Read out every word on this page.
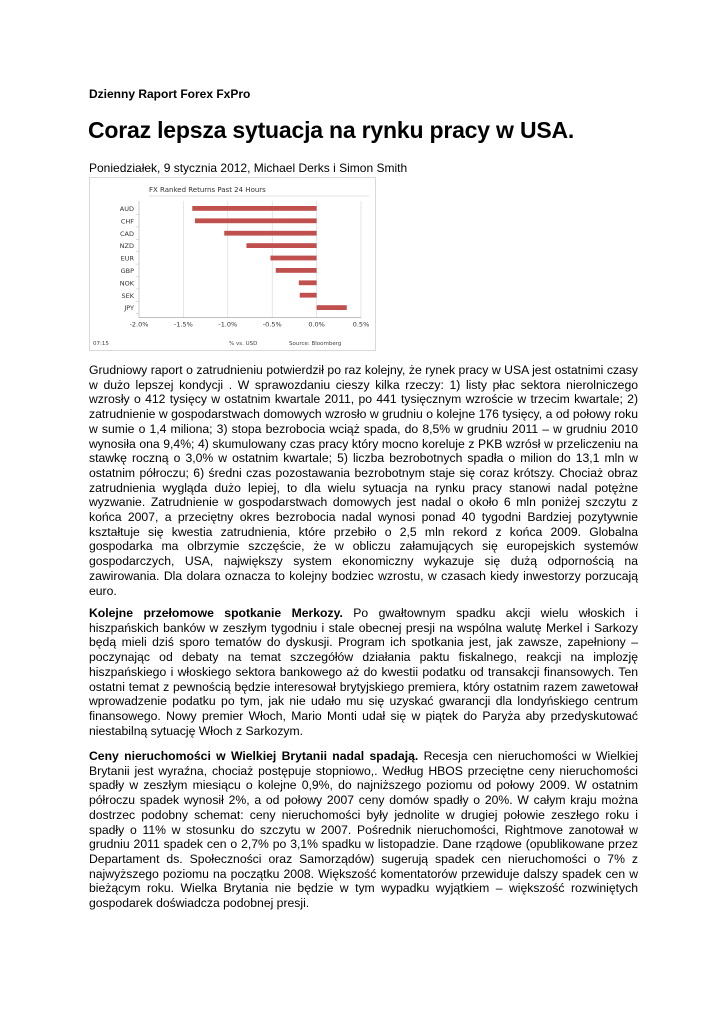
Dzienny Raport Forex FxPro
Coraz lepsza sytuacja na rynku pracy w USA.
Poniedziałek, 9 stycznia 2012, Michael Derks i Simon Smith
FX Ranked Returns Past 24 Hours
AUD
CHF
CAD
NZD
EUR
GBP
NOK
SEK
JPY
-2.0%	-1.5%	-1.0%	-0.5%	0.0%	0.5%
07:15	% vs. USD	Source: Bloomberg
Grudniowy raport o zatrudnieniu potwierdził po raz kolejny, że rynek pracy w USA jest ostatnimi czasy w dużo lepszej kondycji . W sprawozdaniu cieszy kilka rzeczy: 1) listy płac sektora nierolniczego wzrosły o 412 tysięcy w ostatnim kwartale 2011, po 441 tysięcznym wzroście w trzecim kwartale; 2) zatrudnienie w gospodarstwach domowych wzrosło w grudniu o kolejne 176 tysięcy, a od połowy roku w sumie o 1,4 miliona; 3) stopa bezrobocia wciąż spada, do 8,5% w grudniu 2011 – w grudniu 2010 wynosiła ona 9,4%; 4) skumulowany czas pracy który mocno koreluje z PKB wzrósł w przeliczeniu na stawkę roczną o 3,0% w ostatnim kwartale; 5) liczba bezrobotnych spadła o milion do 13,1 mln w ostatnim półroczu; 6) średni czas pozostawania bezrobotnym staje się coraz krótszy. Chociaż obraz zatrudnienia wygląda dużo lepiej, to dla wielu sytuacja na rynku pracy stanowi nadal potężne wyzwanie. Zatrudnienie w gospodarstwach domowych jest nadal o około 6 mln poniżej szczytu z końca 2007, a przeciętny okres bezrobocia nadal wynosi ponad 40 tygodni Bardziej pozytywnie kształtuje się kwestia zatrudnienia, które przebiło o 2,5 mln rekord z końca 2009. Globalna gospodarka ma olbrzymie szczęście, że w obliczu załamujących się europejskich systemów gospodarczych, USA, największy system ekonomiczny wykazuje się dużą odpornością na zawirowania. Dla dolara oznacza to kolejny bodziec wzrostu, w czasach kiedy inwestorzy porzucają euro.
Kolejne przełomowe spotkanie Merkozy. Po gwałtownym spadku akcji wielu włoskich i hiszpańskich banków w zeszłym tygodniu i stale obecnej presji na wspólna walutę Merkel i Sarkozy będą mieli dziś sporo tematów do dyskusji. Program ich spotkania jest, jak zawsze, zapełniony – poczynając od debaty na temat szczegółów działania paktu fiskalnego, reakcji na implozję hiszpańskiego i włoskiego sektora bankowego aż do kwestii podatku od transakcji finansowych. Ten ostatni temat z pewnością będzie interesował brytyjskiego premiera, który ostatnim razem zawetował wprowadzenie podatku po tym, jak nie udało mu się uzyskać gwarancji dla londyńskiego centrum finansowego. Nowy premier Włoch, Mario Monti udał się w piątek do Paryża aby przedyskutować niestabilną sytuację Włoch z Sarkozym.
Ceny nieruchomości w Wielkiej Brytanii nadal spadają. Recesja cen nieruchomości w Wielkiej Brytanii jest wyraźna, chociaż postępuje stopniowo,. Według HBOS przeciętne ceny nieruchomości spadły w zeszłym miesiącu o kolejne 0,9%, do najniższego poziomu od połowy 2009. W ostatnim półroczu spadek wynosił 2%, a od połowy 2007 ceny domów spadły o 20%. W całym kraju można dostrzec podobny schemat: ceny nieruchomości były jednolite w drugiej połowie zeszłego roku i spadły o 11% w stosunku do szczytu w 2007. Pośrednik nieruchomości, Rightmove zanotował w grudniu 2011 spadek cen o 2,7% po 3,1% spadku w listopadzie. Dane rządowe (opublikowane przez Departament ds. Społeczności oraz Samorządów) sugerują spadek cen nieruchomości o 7% z najwyższego poziomu na początku 2008. Większość komentatorów przewiduje dalszy spadek cen w bieżącym roku. Wielka Brytania nie będzie w tym wypadku wyjątkiem – większość rozwiniętych gospodarek doświadcza podobnej presji.
